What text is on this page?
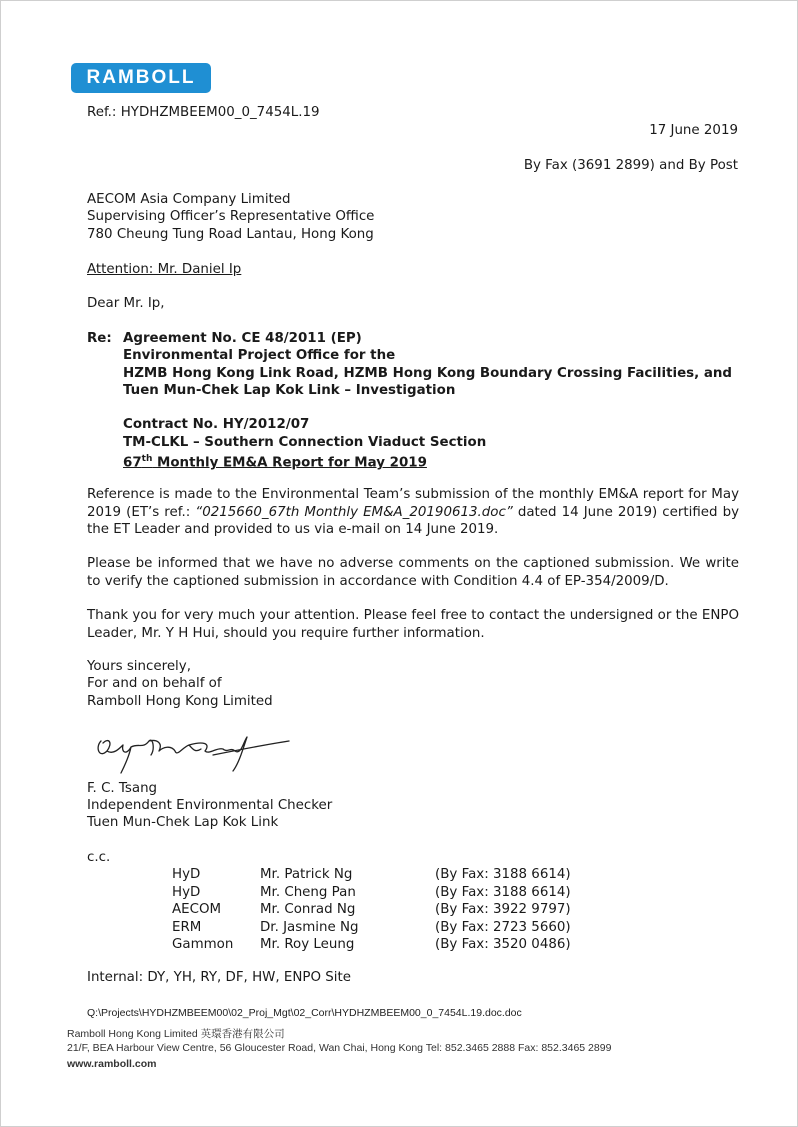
RAMBOLL
Ref.: HYDHZMBEEM00_0_7454L.19
17 June 2019
By Fax (3691 2899) and By Post
AECOM Asia Company Limited
Supervising Officer’s Representative Office
780 Cheung Tung Road Lantau, Hong Kong
Attention: Mr. Daniel Ip
Dear Mr. Ip,
Re: Agreement No. CE 48/2011 (EP)
Environmental Project Office for the
HZMB Hong Kong Link Road, HZMB Hong Kong Boundary Crossing Facilities, and
Tuen Mun-Chek Lap Kok Link – Investigation
Contract No. HY/2012/07
TM-CLKL – Southern Connection Viaduct Section
67th Monthly EM&A Report for May 2019
Reference is made to the Environmental Team’s submission of the monthly EM&A report for May 2019 (ET’s ref.: “0215660_67th Monthly EM&A_20190613.doc” dated 14 June 2019) certified by the ET Leader and provided to us via e-mail on 14 June 2019.
Please be informed that we have no adverse comments on the captioned submission. We write to verify the captioned submission in accordance with Condition 4.4 of EP-354/2009/D.
Thank you for very much your attention. Please feel free to contact the undersigned or the ENPO Leader, Mr. Y H Hui, should you require further information.
Yours sincerely,
For and on behalf of
Ramboll Hong Kong Limited
F. C. Tsang
Independent Environmental Checker
Tuen Mun-Chek Lap Kok Link
c.c.
HyD	Mr. Patrick Ng	(By Fax: 3188 6614)
HyD	Mr. Cheng Pan	(By Fax: 3188 6614)
AECOM	Mr. Conrad Ng	(By Fax: 3922 9797)
ERM	Dr. Jasmine Ng	(By Fax: 2723 5660)
Gammon	Mr. Roy Leung	(By Fax: 3520 0486)
Internal: DY, YH, RY, DF, HW, ENPO Site
Q:\Projects\HYDHZMBEEM00\02_Proj_Mgt\02_Corr\HYDHZMBEEM00_0_7454L.19.doc.doc
Ramboll Hong Kong Limited 英環香港有限公司
21/F, BEA Harbour View Centre, 56 Gloucester Road, Wan Chai, Hong Kong Tel: 852.3465 2888 Fax: 852.3465 2899
www.ramboll.com
